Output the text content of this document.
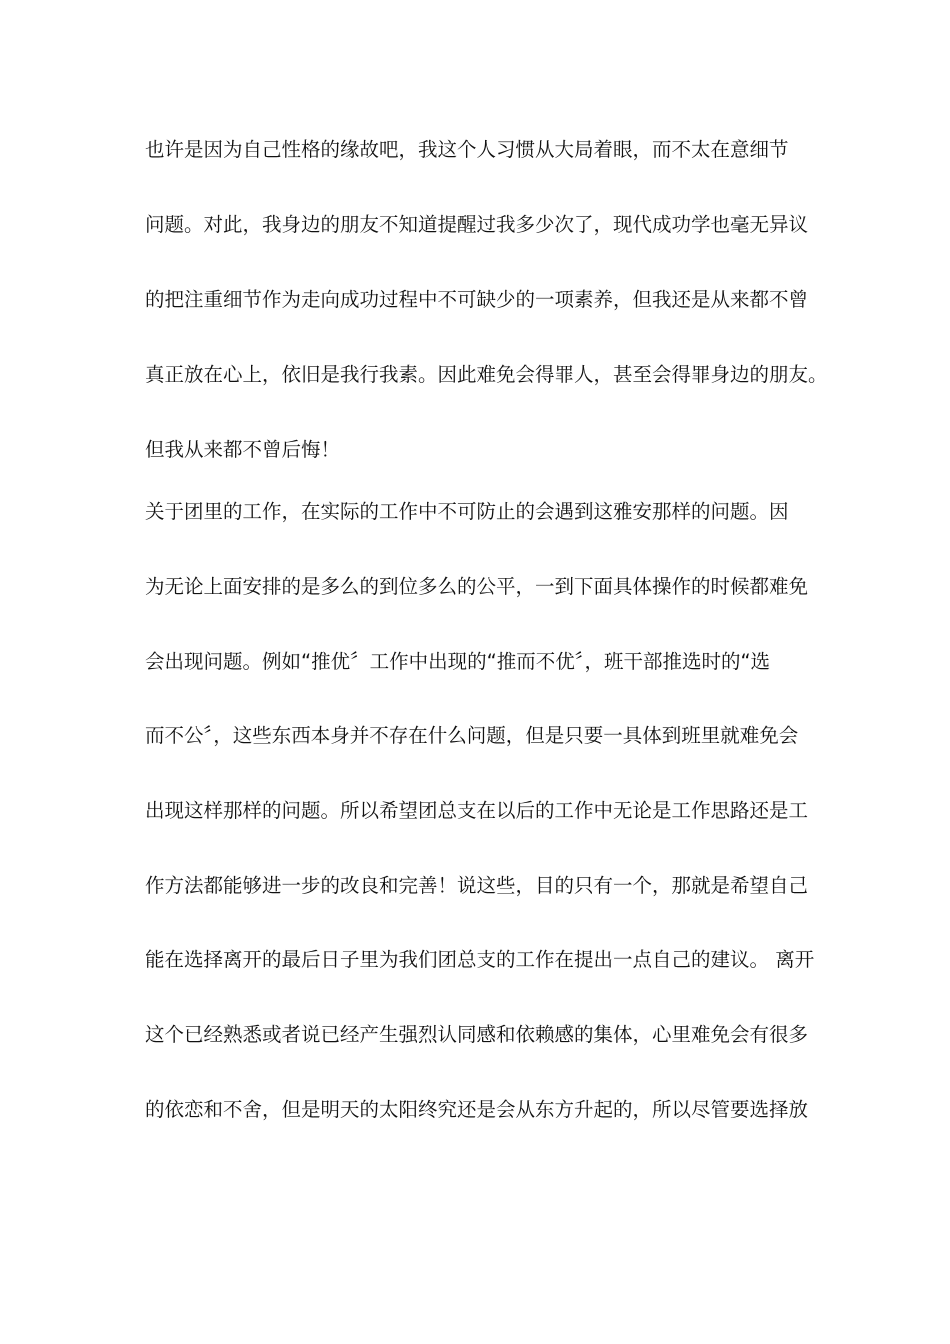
也许是因为自己性格的缘故吧，我这个人习惯从大局着眼，而不太在意细节
问题。对此，我身边的朋友不知道提醒过我多少次了，现代成功学也毫无异议
的把注重细节作为走向成功过程中不可缺少的一项素养，但我还是从来都不曾
真正放在心上，依旧是我行我素。因此难免会得罪人，甚至会得罪身边的朋友。
但我从来都不曾后悔！
关于团里的工作，在实际的工作中不可防止的会遇到这雅安那样的问题。因
为无论上面安排的是多么的到位多么的公平，一到下面具体操作的时候都难免
会出现问题。例如“推优〞工作中出现的“推而不优〞，班干部推选时的“选
而不公〞，这些东西本身并不存在什么问题，但是只要一具体到班里就难免会
出现这样那样的问题。所以希望团总支在以后的工作中无论是工作思路还是工
作方法都能够进一步的改良和完善！说这些，目的只有一个，那就是希望自己
能在选择离开的最后日子里为我们团总支的工作在提出一点自己的建议。 离开
这个已经熟悉或者说已经产生强烈认同感和依赖感的集体，心里难免会有很多
的依恋和不舍，但是明天的太阳终究还是会从东方升起的，所以尽管要选择放
